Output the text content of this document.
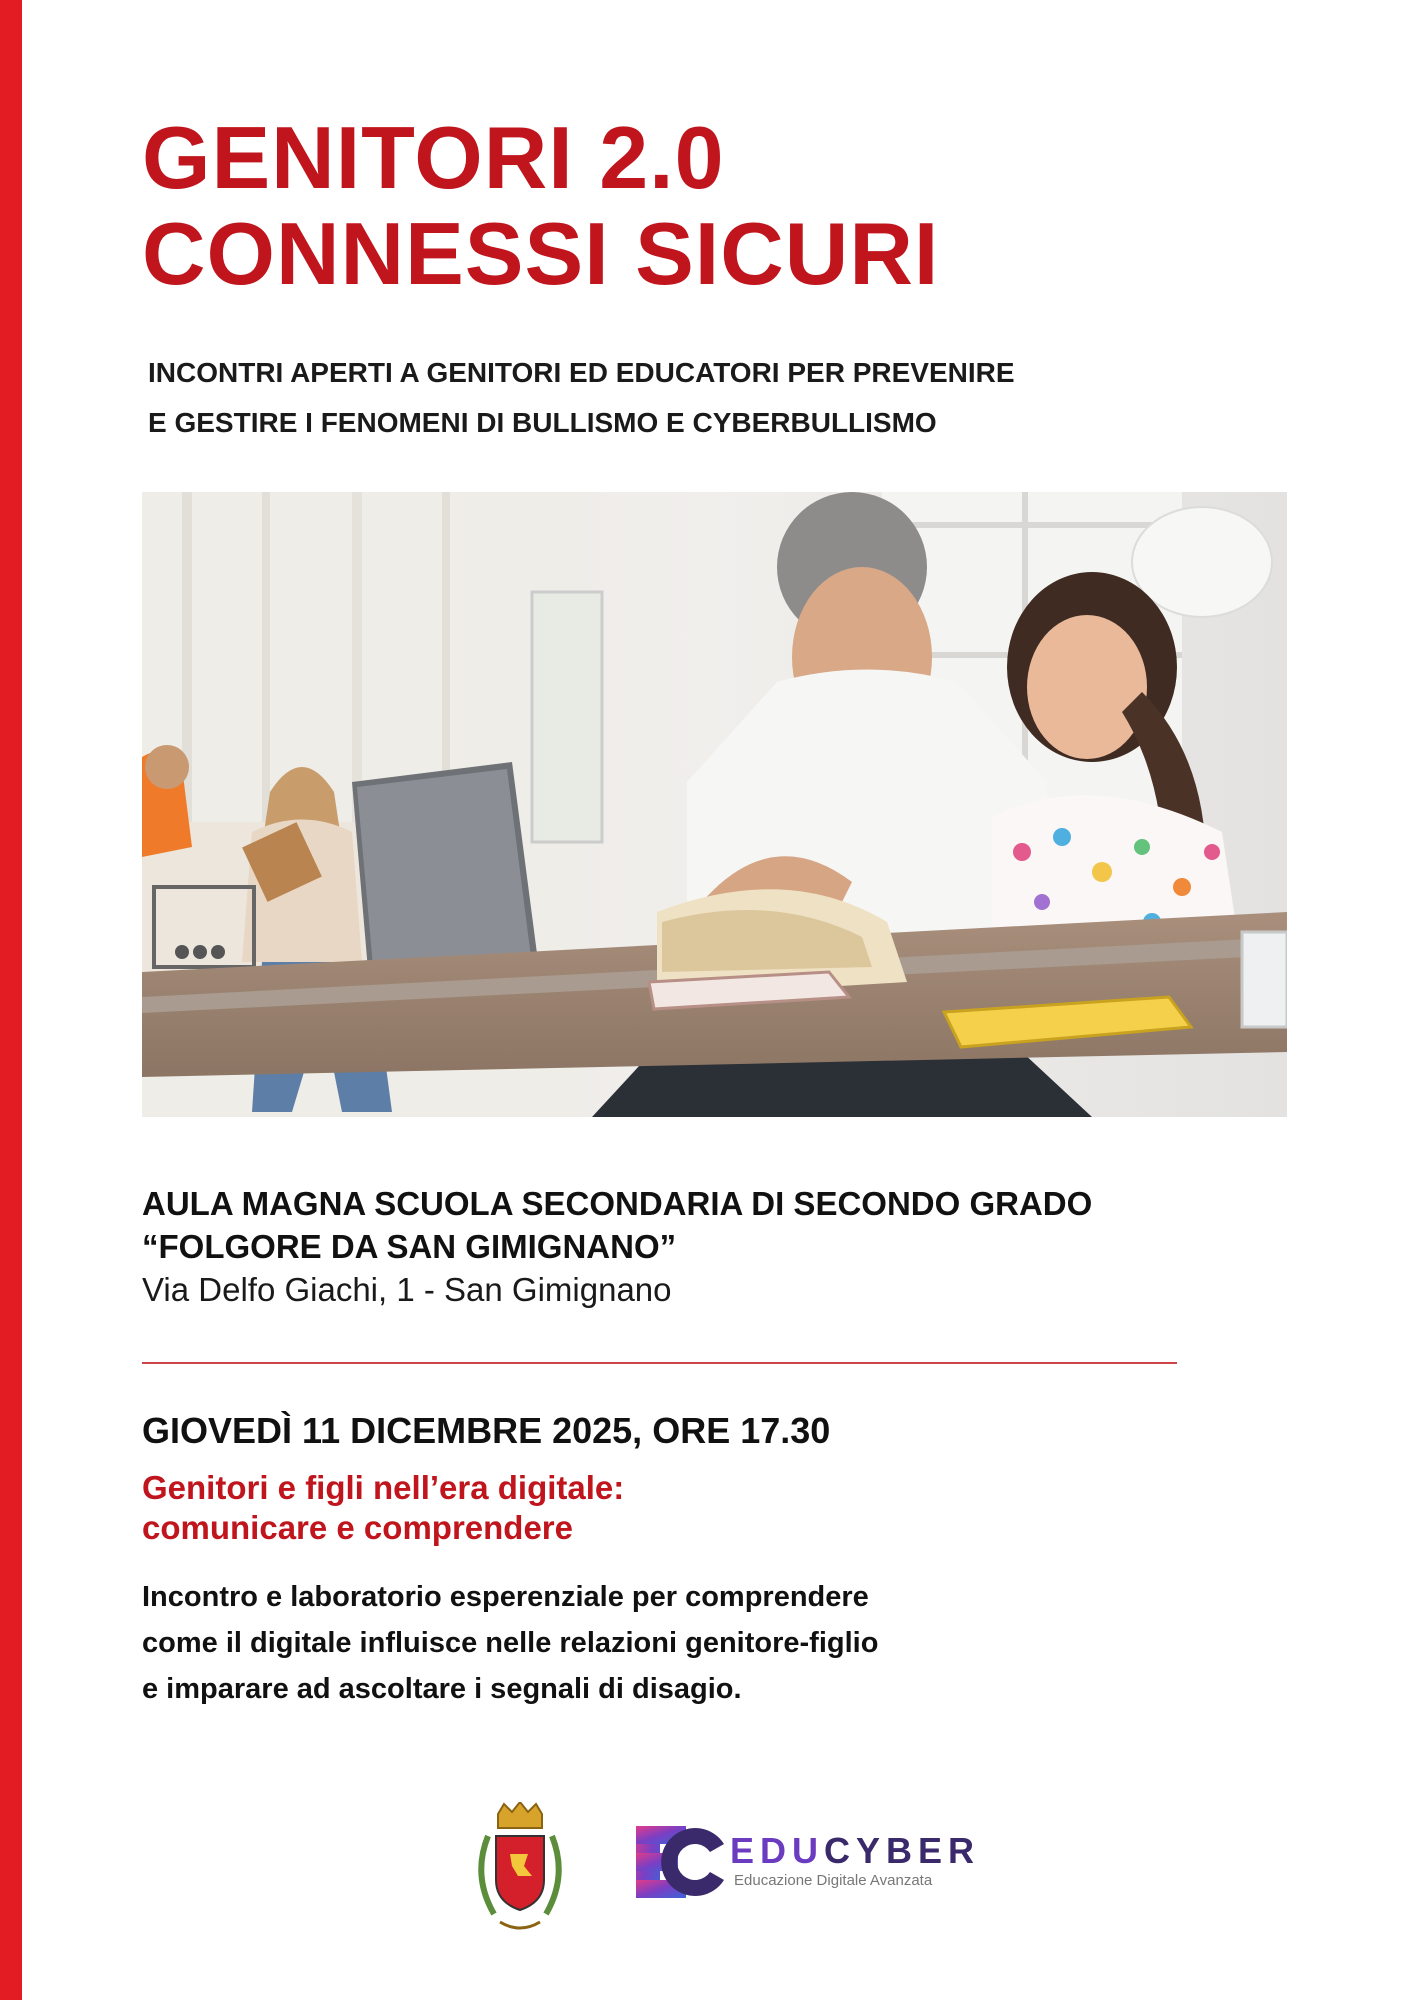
GENITORI 2.0
CONNESSI SICURI
INCONTRI APERTI A GENITORI ED EDUCATORI PER PREVENIRE
E GESTIRE I FENOMENI DI BULLISMO E CYBERBULLISMO
AULA MAGNA SCUOLA SECONDARIA DI SECONDO GRADO
“FOLGORE DA SAN GIMIGNANO”
Via Delfo Giachi, 1 - San Gimignano
GIOVEDÌ 11 DICEMBRE 2025, ORE 17.30
Genitori e figli nell’era digitale:
comunicare e comprendere
Incontro e laboratorio esperenziale per comprendere
come il digitale influisce nelle relazioni genitore-figlio
e imparare ad ascoltare i segnali di disagio.
EDUCYBER
Educazione Digitale Avanzata
